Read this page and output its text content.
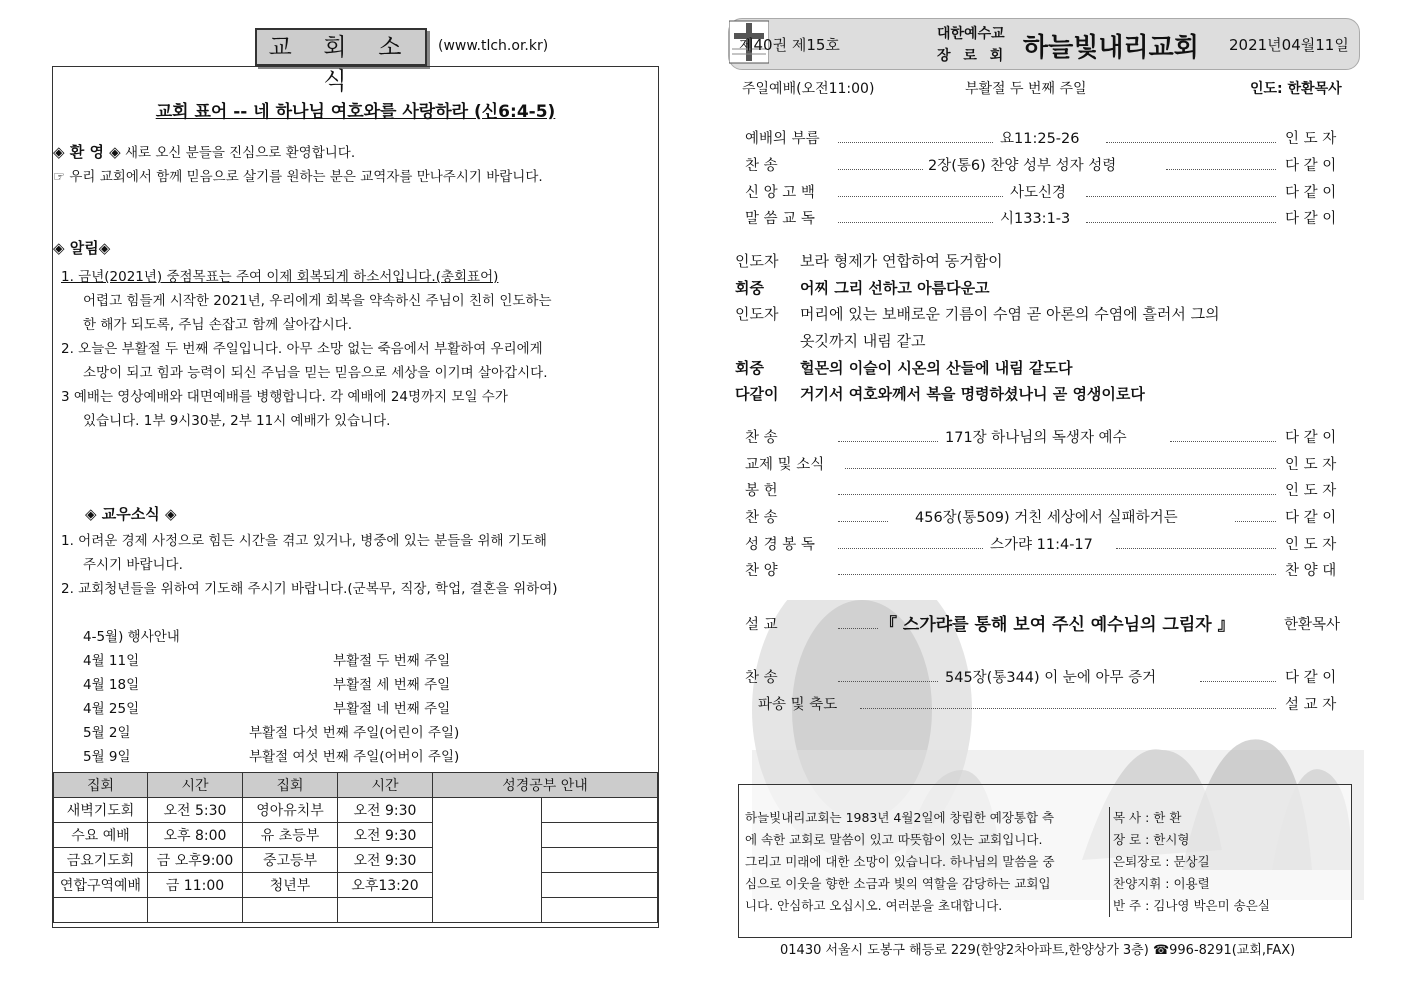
교 회 소 식
(www.tlch.or.kr)
교회 표어 -- 네 하나님 여호와를 사랑하라 (신6:4-5)
◈ 환 영 ◈ 새로 오신 분들을 진심으로 환영합니다.
☞ 우리 교회에서 함께 믿음으로 살기를 원하는 분은 교역자를 만나주시기 바랍니다.
◈ 알림◈
1. 금년(2021년) 중점목표는 주여 이제 회복되게 하소서입니다.(총회표어)
어렵고 힘들게 시작한 2021년, 우리에게 회복을 약속하신 주님이 친히 인도하는
한 해가 되도록, 주님 손잡고 함께 살아갑시다.
2. 오늘은 부활절 두 번째 주일입니다. 아무 소망 없는 죽음에서 부활하여 우리에게
소망이 되고 힘과 능력이 되신 주님을 믿는 믿음으로 세상을 이기며 살아갑시다.
3 예배는 영상예배와 대면예배를 병행합니다. 각 예배에 24명까지 모일 수가
있습니다. 1부 9시30분, 2부 11시 예배가 있습니다.
◈ 교우소식 ◈
1. 어려운 경제 사정으로 힘든 시간을 겪고 있거나, 병중에 있는 분들을 위해 기도해
주시기 바랍니다.
2. 교회청년들을 위하여 기도해 주시기 바랍니다.(군복무, 직장, 학업, 결혼을 위하여)
4-5월) 행사안내
4월 11일	부활절 두 번째 주일
4월 18일	부활절 세 번째 주일
4월 25일	부활절 네 번째 주일
5월 2일	부활절 다섯 번째 주일(어린이 주일)
5월 9일	부활절 여섯 번째 주일(어버이 주일)
집회	시간	집회	시간	성경공부 안내	
새벽기도회	오전 5:30	영아유치부	오전 9:30		
수요 예배	오후 8:00	유 초등부	오전 9:30		
금요기도회	금 오후9:00	중고등부	오전 9:30		
연합구역예배	금 11:00	청년부	오후13:20		

제40권 제15호
대한예수교
장 로 회 하늘빛내리교회 2021년04월11일
주일예배(오전11:00)	부활절 두 번째 주일	인도: 한환목사
예배의 부름	요11:25-26	인 도 자
찬 송	2장(통6) 찬양 성부 성자 성령	다 같 이
신 앙 고 백	사도신경	다 같 이
말 씀 교 독	시133:1-3	다 같 이
인도자 보라 형제가 연합하여 동거함이
회중 어찌 그리 선하고 아름다운고
인도자 머리에 있는 보배로운 기름이 수염 곧 아론의 수염에 흘러서 그의
옷깃까지 내림 같고
회중 헐몬의 이슬이 시온의 산들에 내림 같도다
다같이 거기서 여호와께서 복을 명령하셨나니 곧 영생이로다
찬 송	171장 하나님의 독생자 예수	다 같 이
교제 및 소식	인 도 자
봉 헌	인 도 자
찬 송	456장(통509) 거친 세상에서 실패하거든	다 같 이
성 경 봉 독	스가랴 11:4-17	인 도 자
찬 양	찬 양 대
설 교	『 스가랴를 통해 보여 주신 예수님의 그림자 』	한환목사
찬 송	545장(통344) 이 눈에 아무 증거	다 같 이
파송 및 축도	설 교 자
하늘빛내리교회는 1983년 4월2일에 창립한 예장통합 측
에 속한 교회로 말씀이 있고 따뜻함이 있는 교회입니다.
그리고 미래에 대한 소망이 있습니다. 하나님의 말씀을 중
심으로 이웃을 향한 소금과 빛의 역할을 감당하는 교회입
니다. 안심하고 오십시오. 여러분을 초대합니다.
목 사 : 한 환
장 로 : 한시형
은퇴장로 : 문상길
찬양지휘 : 이용렬
반 주 : 김나영 박은미 송은실
01430 서울시 도봉구 해등로 229(한양2차아파트,한양상가 3층) ☎996-8291(교회,FAX)
